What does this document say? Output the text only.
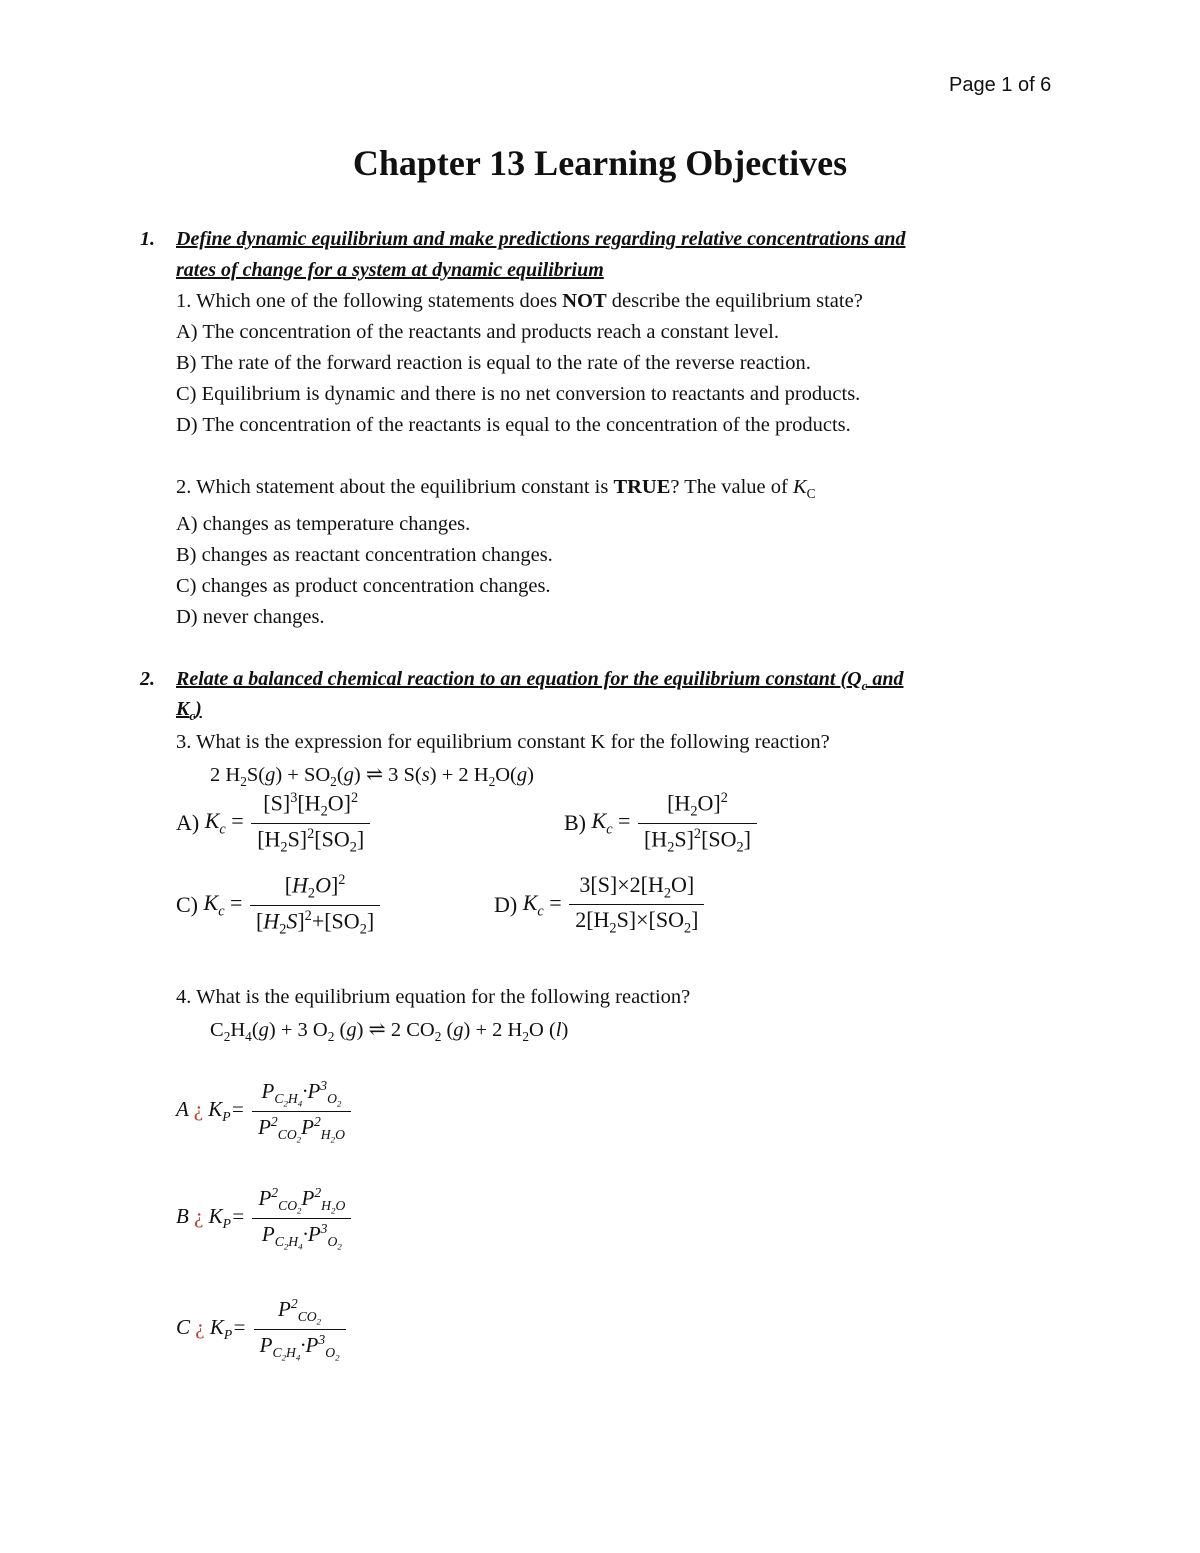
Page 1 of 6
Chapter 13 Learning Objectives
1. Define dynamic equilibrium and make predictions regarding relative concentrations and
rates of change for a system at dynamic equilibrium
1. Which one of the following statements does NOT describe the equilibrium state?
A) The concentration of the reactants and products reach a constant level.
B) The rate of the forward reaction is equal to the rate of the reverse reaction.
C) Equilibrium is dynamic and there is no net conversion to reactants and products.
D) The concentration of the reactants is equal to the concentration of the products.
2. Which statement about the equilibrium constant is TRUE? The value of $K_C$
A) changes as temperature changes.
B) changes as reactant concentration changes.
C) changes as product concentration changes.
D) never changes.
2. Relate a balanced chemical reaction to an equation for the equilibrium constant ($Q_c$ and
$K_c$)
3. What is the expression for equilibrium constant K for the following reaction?
2 $H_2S(g) + SO_2(g)$ ⇌ 3 S(s) + 2 $H_2O(g)$
A) $K_c = \frac{[S]^3[H_2O]^2}{[H_2S]^2[SO_2]}$	B) $K_c = \frac{[H_2O]^2}{[H_2S]^2[SO_2]}$
C) $K_c = \frac{[H_2O]^2}{[H_2S]^2+[SO_2]}$	D) $K_c = \frac{3[S]\times 2[H_2O]}{2[H_2S]\times[SO_2]}$
4. What is the equilibrium equation for the following reaction?
$C_2H_4(g) + 3$ $O_2$ (g) ⇌ 2 $CO_2$ (g) + 2 $H_2O$ (l)
A ¿ $K_P= \frac{P_{C_2H_4}\cdot P^3_{O_2}}{P^2_{CO_2}P^2_{H_2O}}$
B ¿ $K_P= \frac{P^2_{CO_2}P^2_{H_2O}}{P_{C_2H_4}\cdot P^3_{O_2}}$
C ¿ $K_P= \frac{P^2_{CO_2}}{P_{C_2H_4}\cdot P^3_{O_2}}$
